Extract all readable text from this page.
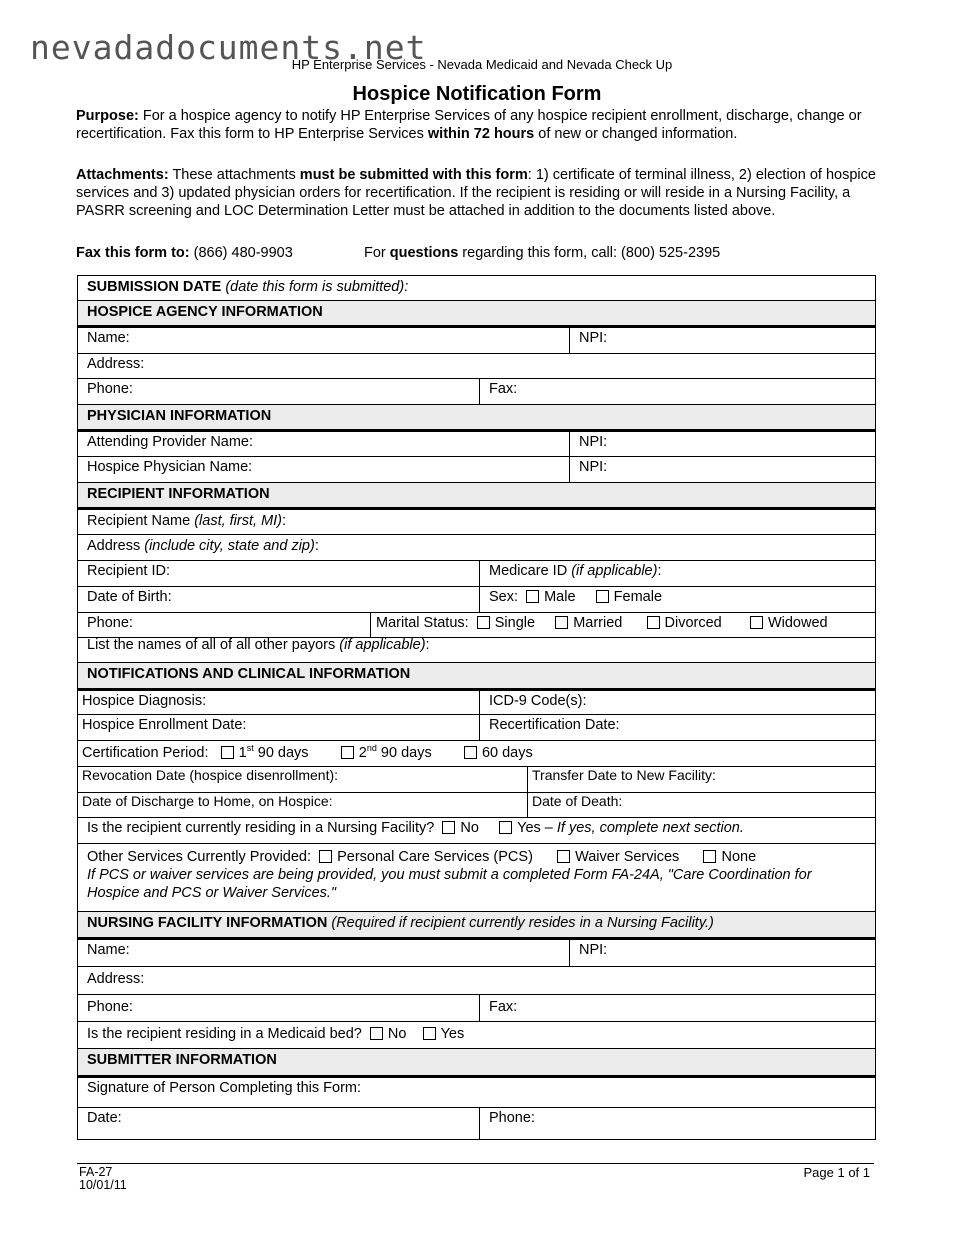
nevadadocuments.net
HP Enterprise Services - Nevada Medicaid and Nevada Check Up
Hospice Notification Form
Purpose: For a hospice agency to notify HP Enterprise Services of any hospice recipient enrollment, discharge, change or recertification. Fax this form to HP Enterprise Services within 72 hours of new or changed information.
Attachments: These attachments must be submitted with this form: 1) certificate of terminal illness, 2) election of hospice services and 3) updated physician orders for recertification. If the recipient is residing or will reside in a Nursing Facility, a PASRR screening and LOC Determination Letter must be attached in addition to the documents listed above.
Fax this form to: (866) 480-9903	For questions regarding this form, call: (800) 525-2395
SUBMISSION DATE (date this form is submitted):
HOSPICE AGENCY INFORMATION
Name:	NPI:
Address:
Phone:	Fax:
PHYSICIAN INFORMATION
Attending Provider Name:	NPI:
Hospice Physician Name:	NPI:
RECIPIENT INFORMATION
Recipient Name (last, first, MI):
Address (include city, state and zip):
Recipient ID:	Medicare ID (if applicable):
Date of Birth:	Sex: Male	Female
Phone:	Marital Status: Single	Married	Divorced	Widowed
List the names of all of all other payors (if applicable):
NOTIFICATIONS AND CLINICAL INFORMATION
Hospice Diagnosis:	ICD-9 Code(s):
Hospice Enrollment Date:	Recertification Date:
Certification Period: 1st 90 days	2nd 90 days	60 days
Revocation Date (hospice disenrollment):	Transfer Date to New Facility:
Date of Discharge to Home, on Hospice:	Date of Death:
Is the recipient currently residing in a Nursing Facility? No	Yes – If yes, complete next section.
Other Services Currently Provided: Personal Care Services (PCS)	Waiver Services	None
If PCS or waiver services are being provided, you must submit a completed Form FA-24A, "Care Coordination for Hospice and PCS or Waiver Services."
NURSING FACILITY INFORMATION (Required if recipient currently resides in a Nursing Facility.)
Name:	NPI:
Address:
Phone:	Fax:
Is the recipient residing in a Medicaid bed? No Yes
SUBMITTER INFORMATION
Signature of Person Completing this Form:
Date:	Phone:
FA-27
10/01/11
Page 1 of 1
